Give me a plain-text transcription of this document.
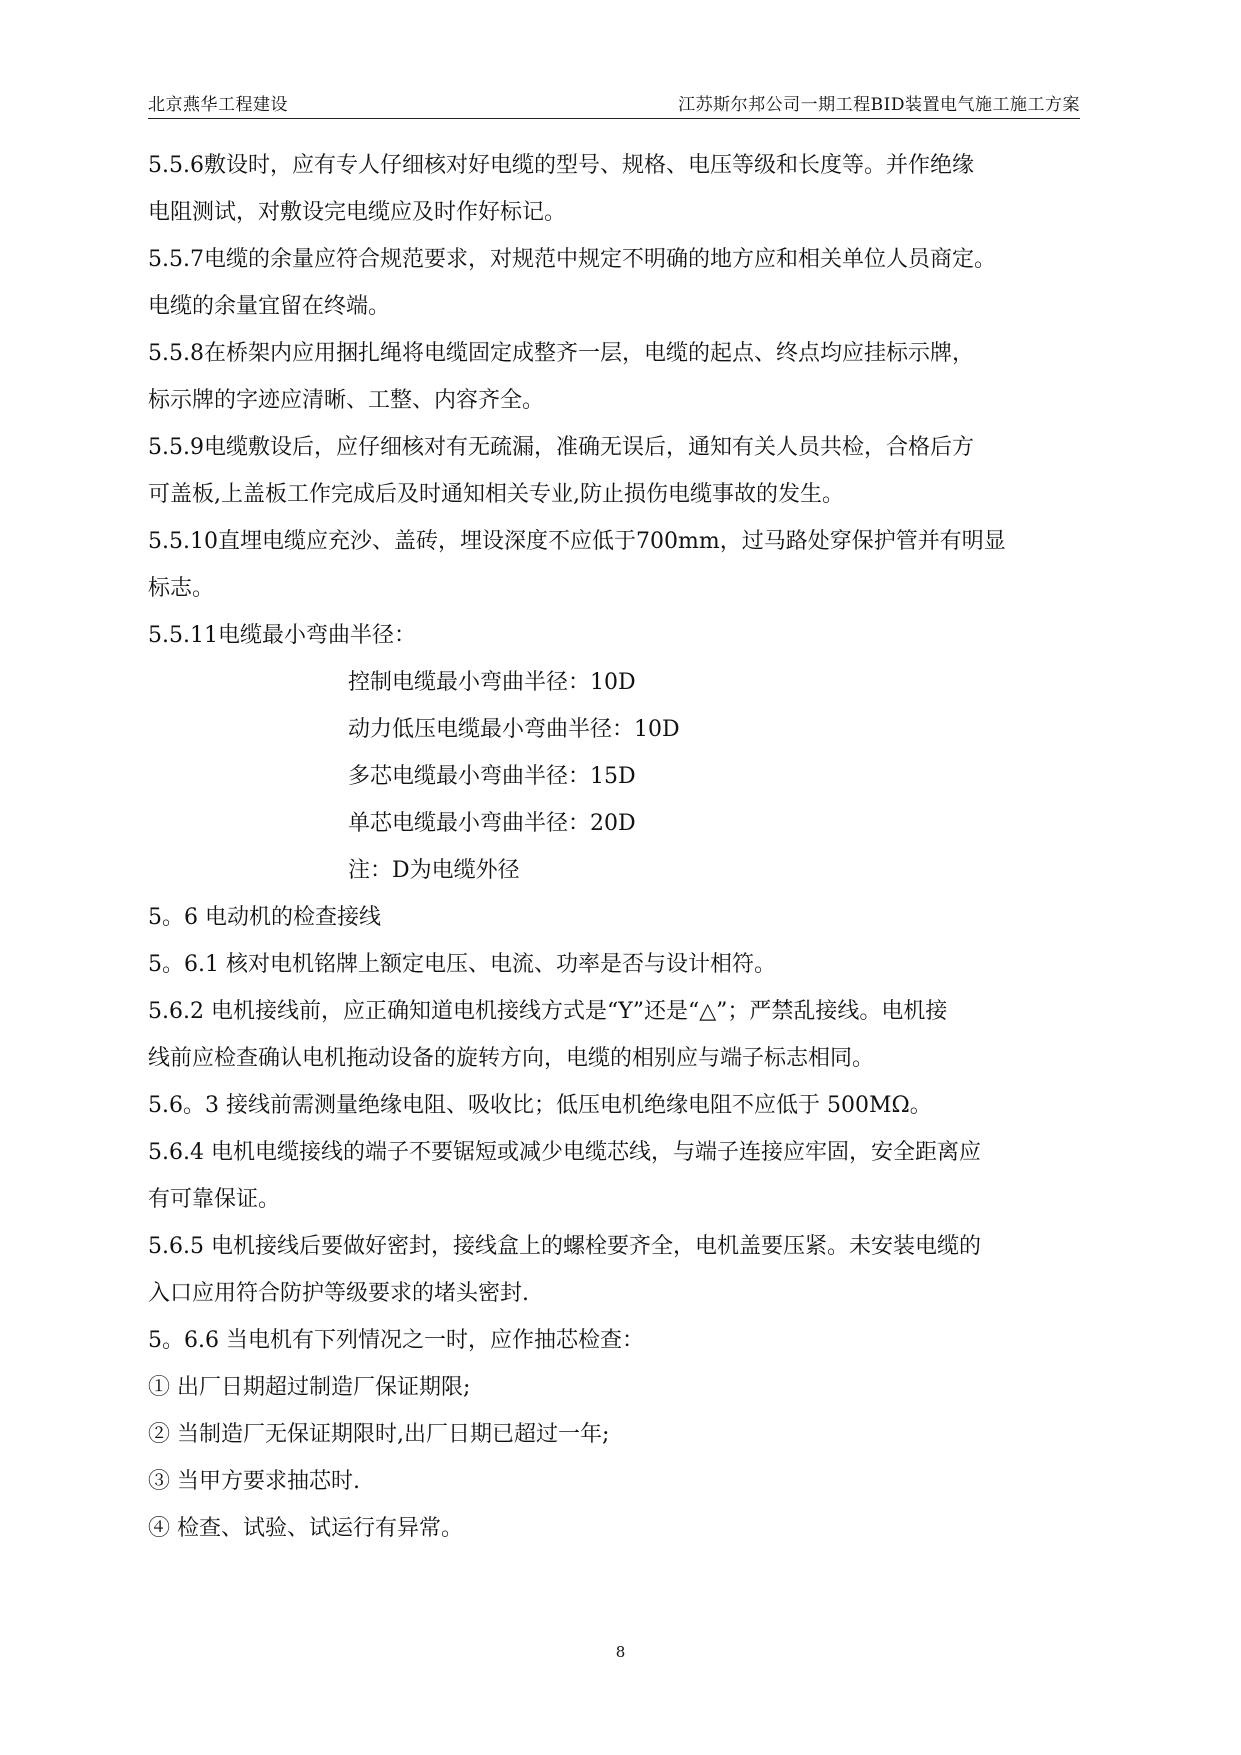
北京燕华工程建设	江苏斯尔邦公司一期工程BID装置电气施工施工方案

5.5.6敷设时，应有专人仔细核对好电缆的型号、规格、电压等级和长度等。并作绝缘

电阻测试，对敷设完电缆应及时作好标记。

5.5.7电缆的余量应符合规范要求，对规范中规定不明确的地方应和相关单位人员商定。

电缆的余量宜留在终端。

5.5.8在桥架内应用捆扎绳将电缆固定成整齐一层，电缆的起点、终点均应挂标示牌，

标示牌的字迹应清晰、工整、内容齐全。

5.5.9电缆敷设后，应仔细核对有无疏漏，准确无误后，通知有关人员共检，合格后方

可盖板,上盖板工作完成后及时通知相关专业,防止损伤电缆事故的发生。

5.5.10直埋电缆应充沙、盖砖，埋设深度不应低于700mm，过马路处穿保护管并有明显

标志。

5.5.11电缆最小弯曲半径：

控制电缆最小弯曲半径：10D

动力低压电缆最小弯曲半径：10D

多芯电缆最小弯曲半径：15D

单芯电缆最小弯曲半径：20D

注：D为电缆外径

5。6 电动机的检查接线

5。6.1 核对电机铭牌上额定电压、电流、功率是否与设计相符。

5.6.2 电机接线前，应正确知道电机接线方式是“Y”还是“△”；严禁乱接线。电机接

线前应检查确认电机拖动设备的旋转方向，电缆的相别应与端子标志相同。

5.6。3 接线前需测量绝缘电阻、吸收比；低压电机绝缘电阻不应低于 500MΩ。

5.6.4 电机电缆接线的端子不要锯短或减少电缆芯线，与端子连接应牢固，安全距离应

有可靠保证。

5.6.5 电机接线后要做好密封，接线盒上的螺栓要齐全，电机盖要压紧。未安装电缆的

入口应用符合防护等级要求的堵头密封.

5。6.6 当电机有下列情况之一时，应作抽芯检查：

① 出厂日期超过制造厂保证期限;

② 当制造厂无保证期限时,出厂日期已超过一年;

③ 当甲方要求抽芯时.

④ 检查、试验、试运行有异常。

8
